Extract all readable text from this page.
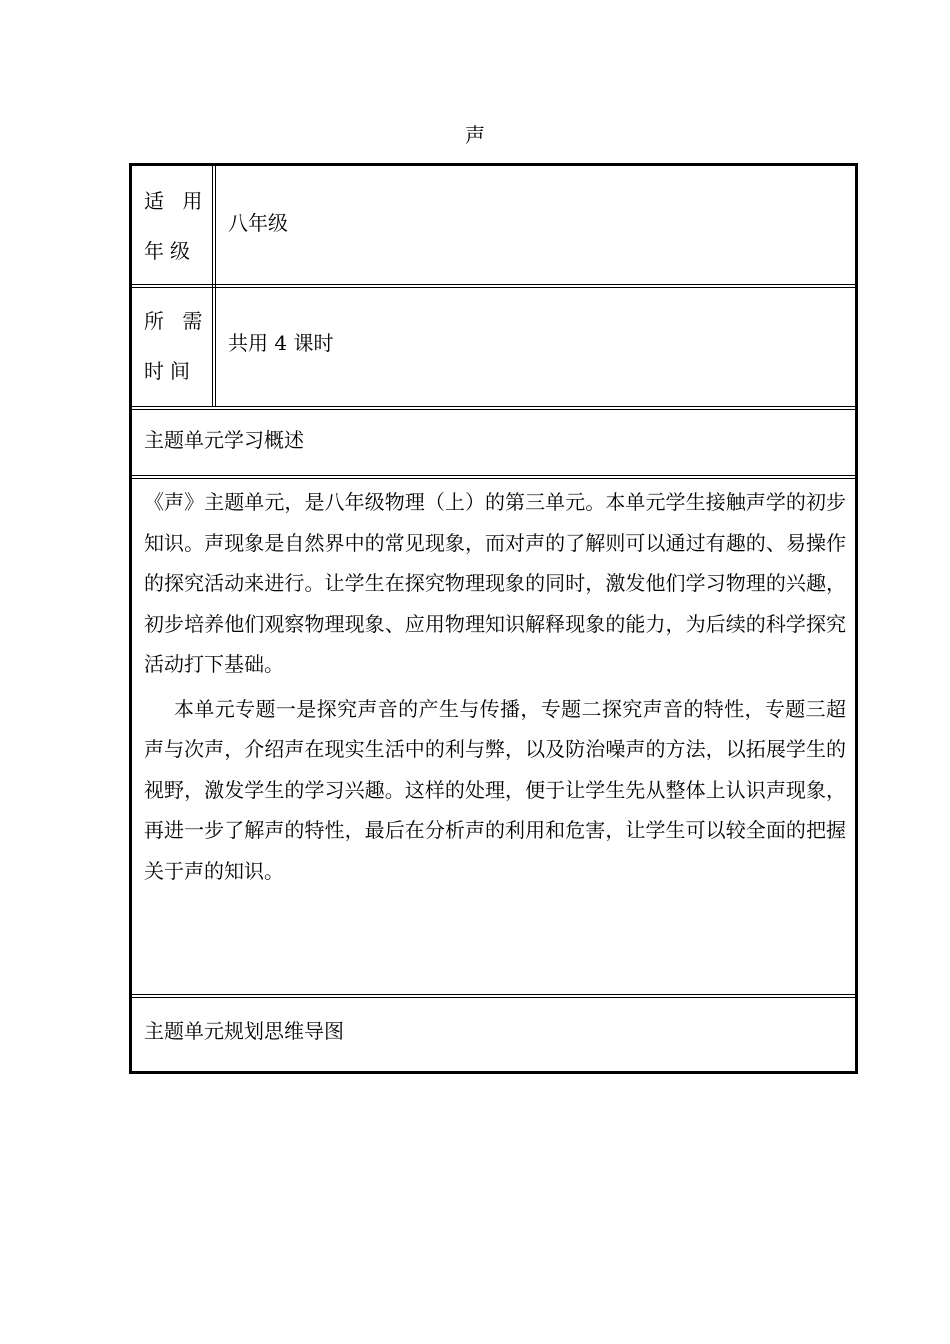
声
适 用
年级
八年级
所 需
时间
共用 4 课时
主题单元学习概述

《声》主题单元，是八年级物理（上）的第三单元。本单元学生接触声学的初步知识。声现象是自然界中的常见现象，而对声的了解则可以通过有趣的、易操作的探究活动来进行。让学生在探究物理现象的同时，激发他们学习物理的兴趣，初步培养他们观察物理现象、应用物理知识解释现象的能力，为后续的科学探究活动打下基础。

本单元专题一是探究声音的产生与传播，专题二探究声音的特性，专题三超声与次声，介绍声在现实生活中的利与弊，以及防治噪声的方法，以拓展学生的视野，激发学生的学习兴趣。这样的处理，便于让学生先从整体上认识声现象，再进一步了解声的特性，最后在分析声的利用和危害，让学生可以较全面的把握关于声的知识。

主题单元规划思维导图
